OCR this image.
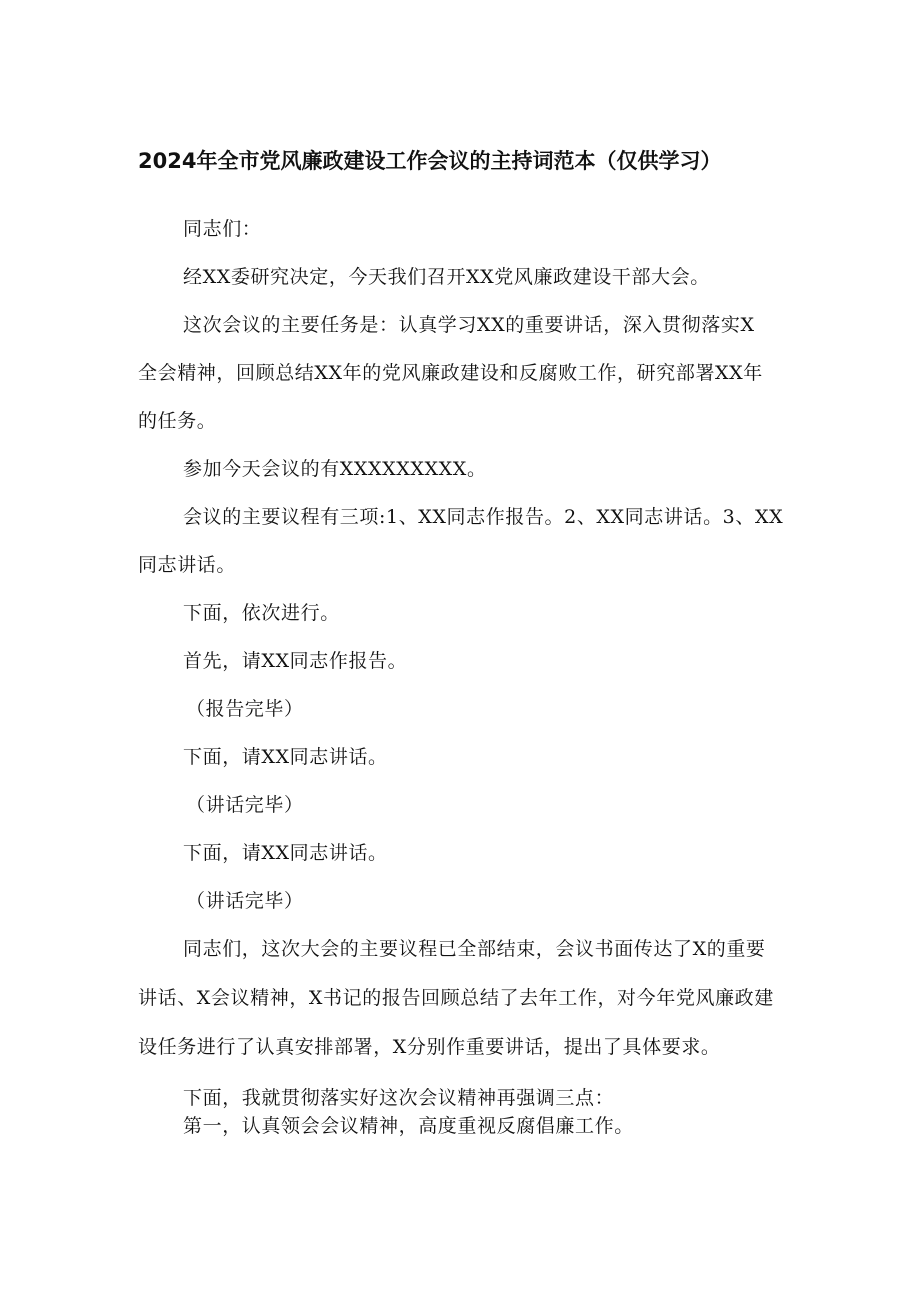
2024年全市党风廉政建设工作会议的主持词范本（仅供学习）

同志们：

经XX委研究决定，今天我们召开XX党风廉政建设干部大会。

这次会议的主要任务是：认真学习XX的重要讲话，深入贯彻落实X

全会精神，回顾总结XX年的党风廉政建设和反腐败工作，研究部署XX年

的任务。

参加今天会议的有XXXXXXXXX。

会议的主要议程有三项:1、XX同志作报告。2、XX同志讲话。3、XX

同志讲话。

下面，依次进行。

首先，请XX同志作报告。

（报告完毕）

下面，请XX同志讲话。

（讲话完毕）

下面，请XX同志讲话。

（讲话完毕）

同志们，这次大会的主要议程已全部结束，会议书面传达了X的重要

讲话、X会议精神，X书记的报告回顾总结了去年工作，对今年党风廉政建

设任务进行了认真安排部署，X分别作重要讲话，提出了具体要求。

下面，我就贯彻落实好这次会议精神再强调三点：

第一，认真领会会议精神，高度重视反腐倡廉工作。
